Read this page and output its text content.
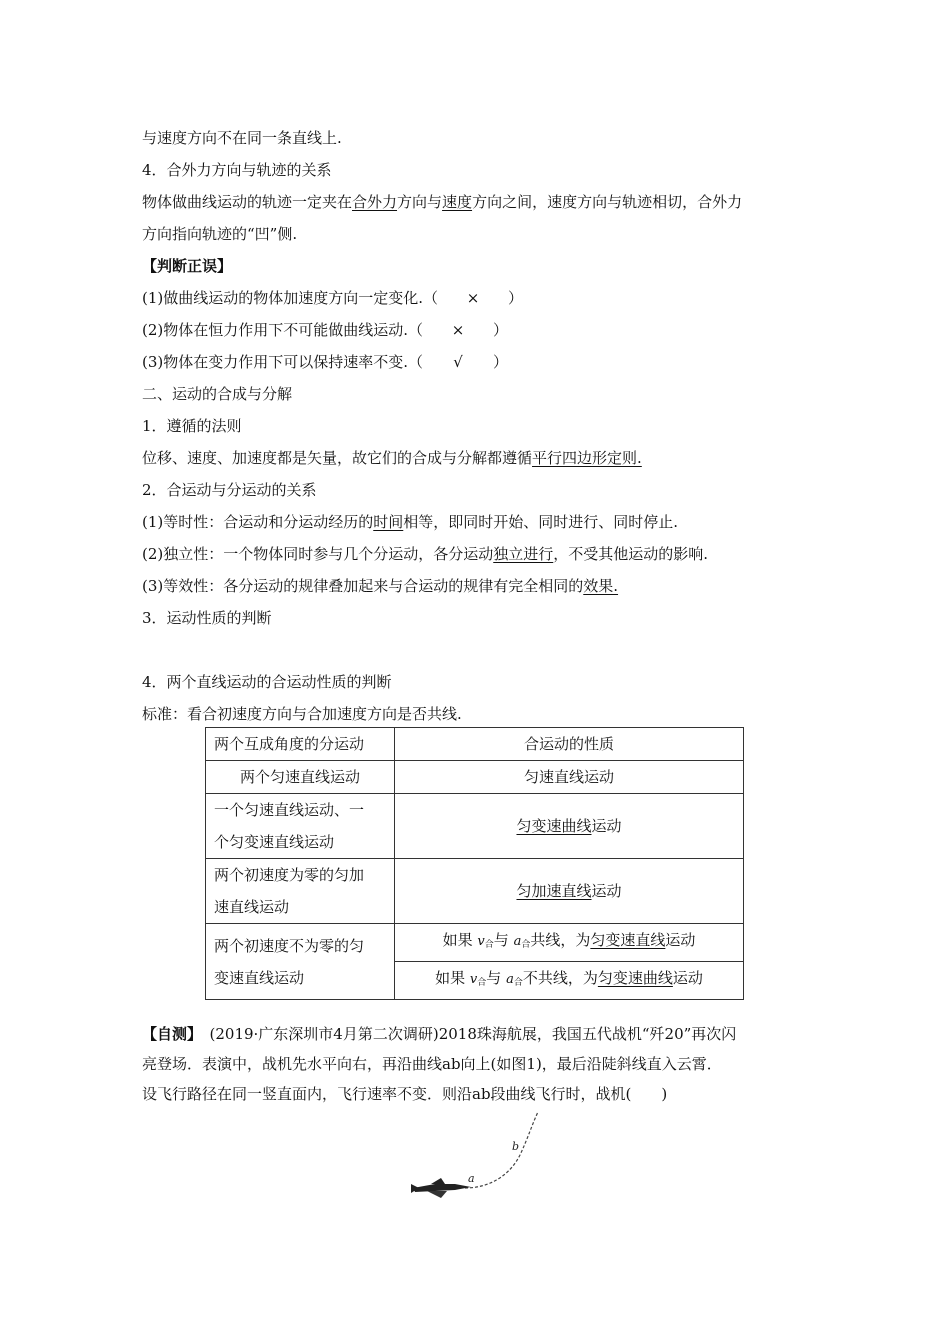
与速度方向不在同一条直线上.
4．合外力方向与轨迹的关系
物体做曲线运动的轨迹一定夹在合外力方向与速度方向之间，速度方向与轨迹相切，合外力
方向指向轨迹的“凹”侧.
【判断正误】
(1)做曲线运动的物体加速度方向一定变化.（ × ）
(2)物体在恒力作用下不可能做曲线运动.（ × ）
(3)物体在变力作用下可以保持速率不变.（ √ ）
二、运动的合成与分解
1．遵循的法则
位移、速度、加速度都是矢量，故它们的合成与分解都遵循平行四边形定则.
2．合运动与分运动的关系
(1)等时性：合运动和分运动经历的时间相等，即同时开始、同时进行、同时停止.
(2)独立性：一个物体同时参与几个分运动，各分运动独立进行，不受其他运动的影响.
(3)等效性：各分运动的规律叠加起来与合运动的规律有完全相同的效果.
3．运动性质的判断
4．两个直线运动的合运动性质的判断
标准：看合初速度方向与合加速度方向是否共线.
两个互成角度的分运动	合运动的性质
两个匀速直线运动	匀速直线运动

一个匀速直线运动、一
个匀变速直线运动	匀变速曲线运动

两个初速度为零的匀加
速直线运动	匀加速直线运动

两个初速度不为零的匀
变速直线运动	如果 $v_合$与 $a_合$共线，为匀变速直线运动
	如果 $v_合$与 $a_合$不共线，为匀变速曲线运动
【自测】　(2019·广东深圳市4月第二次调研)2018珠海航展，我国五代战机“歼20”再次闪
亮登场．表演中，战机先水平向右，再沿曲线ab向上(如图1)，最后沿陡斜线直入云霄．
设飞行路径在同一竖直面内，飞行速率不变．则沿ab段曲线飞行时，战机(　　)
a
b
